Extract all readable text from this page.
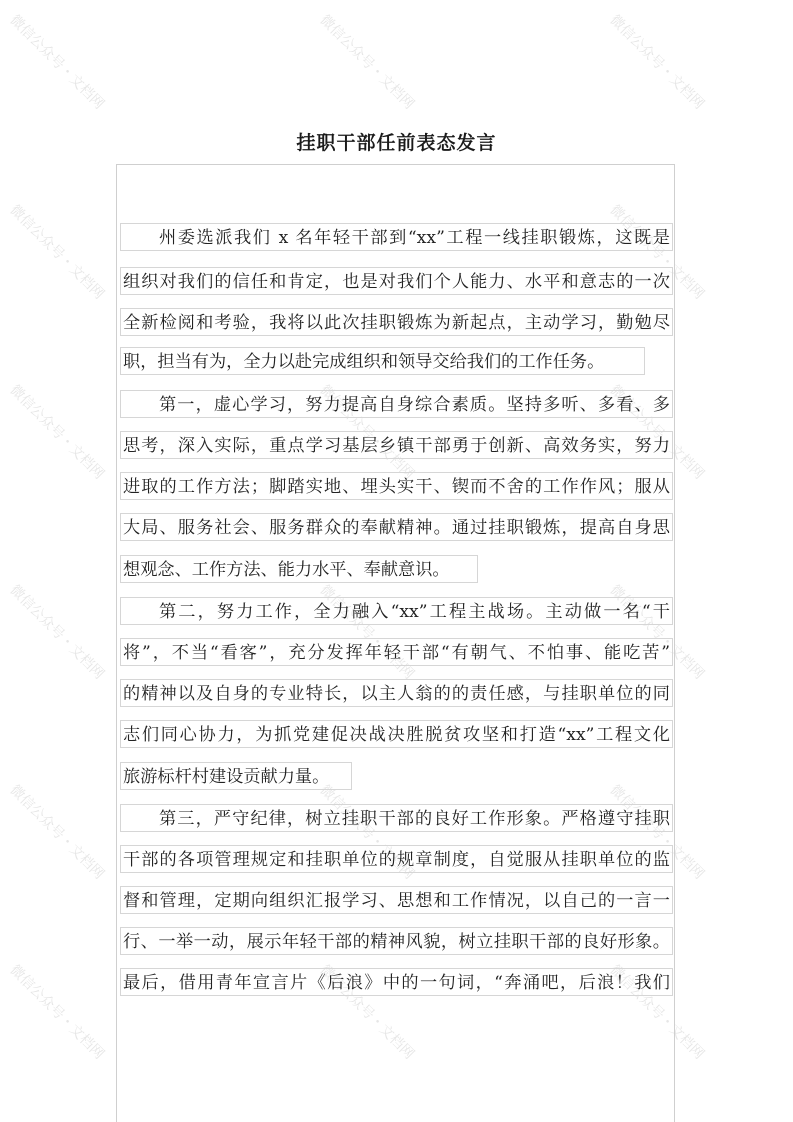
微信公众号・文档网	微信公众号・文档网	微信公众号・文档网
微信公众号・文档网	微信公众号・文档网
微信公众号・文档网	微信公众号・文档网	微信公众号・文档网
微信公众号・文档网	微信公众号・文档网	微信公众号・文档网
微信公众号・文档网	微信公众号・文档网	微信公众号・文档网
微信公众号・文档网	微信公众号・文档网	微信公众号・文档网
挂职干部任前表态发言
州委选派我们 x 名年轻干部到“xx”工程一线挂职锻炼，这既是
组织对我们的信任和肯定，也是对我们个人能力、水平和意志的一次
全新检阅和考验，我将以此次挂职锻炼为新起点，主动学习，勤勉尽
职，担当有为，全力以赴完成组织和领导交给我们的工作任务。
第一，虚心学习，努力提高自身综合素质。坚持多听、多看、多
思考，深入实际，重点学习基层乡镇干部勇于创新、高效务实，努力
进取的工作方法；脚踏实地、埋头实干、锲而不舍的工作作风；服从
大局、服务社会、服务群众的奉献精神。通过挂职锻炼，提高自身思
想观念、工作方法、能力水平、奉献意识。
第二，努力工作，全力融入“xx”工程主战场。主动做一名“干
将”，不当“看客”，充分发挥年轻干部“有朝气、不怕事、能吃苦”
的精神以及自身的专业特长，以主人翁的的责任感，与挂职单位的同
志们同心协力，为抓党建促决战决胜脱贫攻坚和打造“xx”工程文化
旅游标杆村建设贡献力量。
第三，严守纪律，树立挂职干部的良好工作形象。严格遵守挂职
干部的各项管理规定和挂职单位的规章制度，自觉服从挂职单位的监
督和管理，定期向组织汇报学习、思想和工作情况，以自己的一言一
行、一举一动，展示年轻干部的精神风貌，树立挂职干部的良好形象。
最后，借用青年宣言片《后浪》中的一句词，“奔涌吧，后浪！我们
